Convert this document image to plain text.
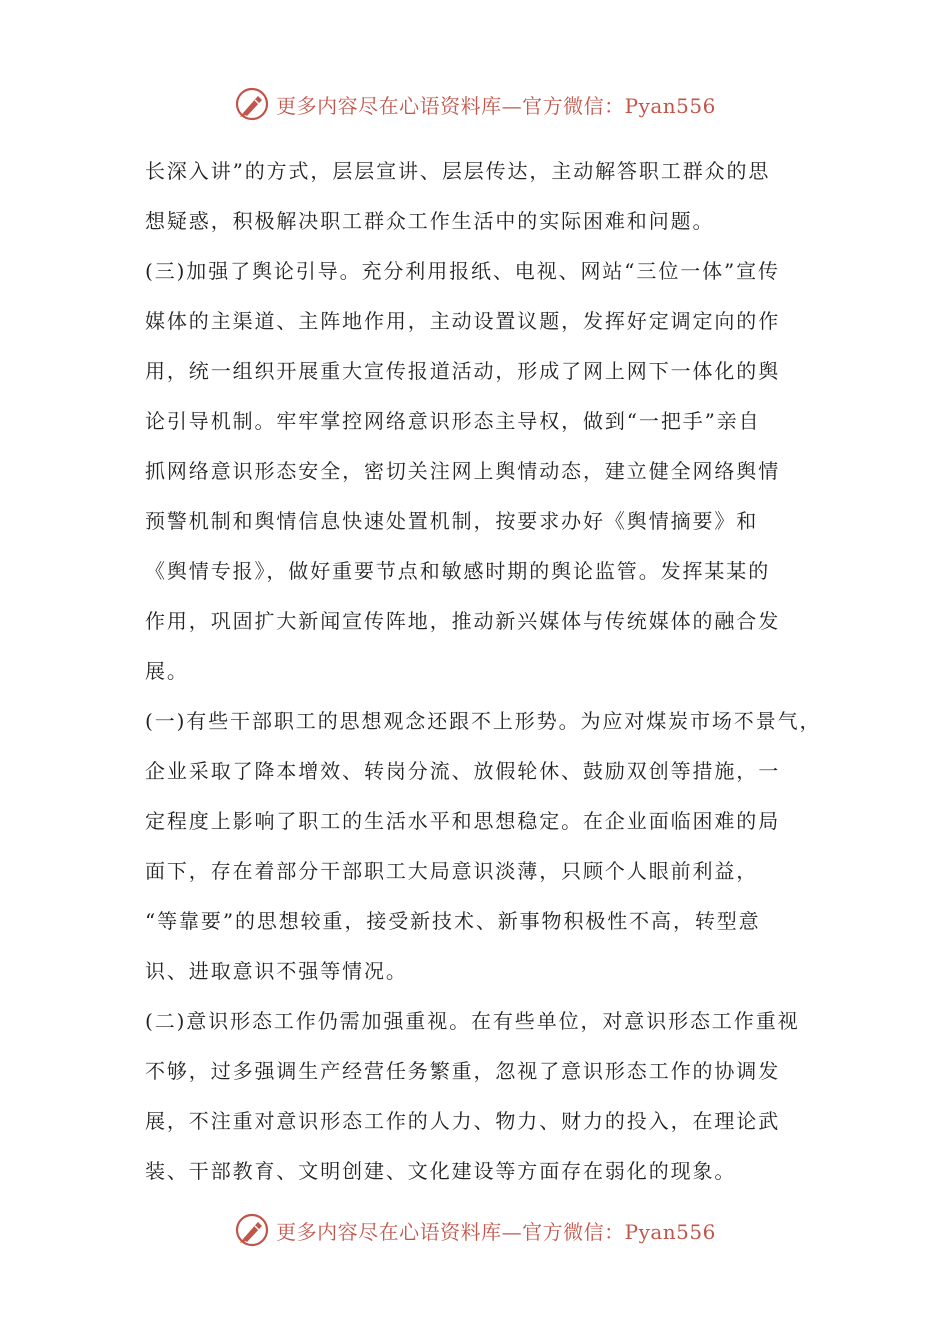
更多内容尽在心语资料库—官方微信：Pyan556
长深入讲”的方式，层层宣讲、层层传达，主动解答职工群众的思
想疑惑，积极解决职工群众工作生活中的实际困难和问题。
(三)加强了舆论引导。充分利用报纸、电视、网站“三位一体”宣传
媒体的主渠道、主阵地作用，主动设置议题，发挥好定调定向的作
用，统一组织开展重大宣传报道活动，形成了网上网下一体化的舆
论引导机制。牢牢掌控网络意识形态主导权，做到“一把手”亲自
抓网络意识形态安全，密切关注网上舆情动态，建立健全网络舆情
预警机制和舆情信息快速处置机制，按要求办好《舆情摘要》和
《舆情专报》，做好重要节点和敏感时期的舆论监管。发挥某某的
作用，巩固扩大新闻宣传阵地，推动新兴媒体与传统媒体的融合发
展。
(一)有些干部职工的思想观念还跟不上形势。为应对煤炭市场不景气，
企业采取了降本增效、转岗分流、放假轮休、鼓励双创等措施，一
定程度上影响了职工的生活水平和思想稳定。在企业面临困难的局
面下，存在着部分干部职工大局意识淡薄，只顾个人眼前利益，
“等靠要”的思想较重，接受新技术、新事物积极性不高，转型意
识、进取意识不强等情况。
(二)意识形态工作仍需加强重视。在有些单位，对意识形态工作重视
不够，过多强调生产经营任务繁重，忽视了意识形态工作的协调发
展，不注重对意识形态工作的人力、物力、财力的投入，在理论武
装、干部教育、文明创建、文化建设等方面存在弱化的现象。
更多内容尽在心语资料库—官方微信：Pyan556
